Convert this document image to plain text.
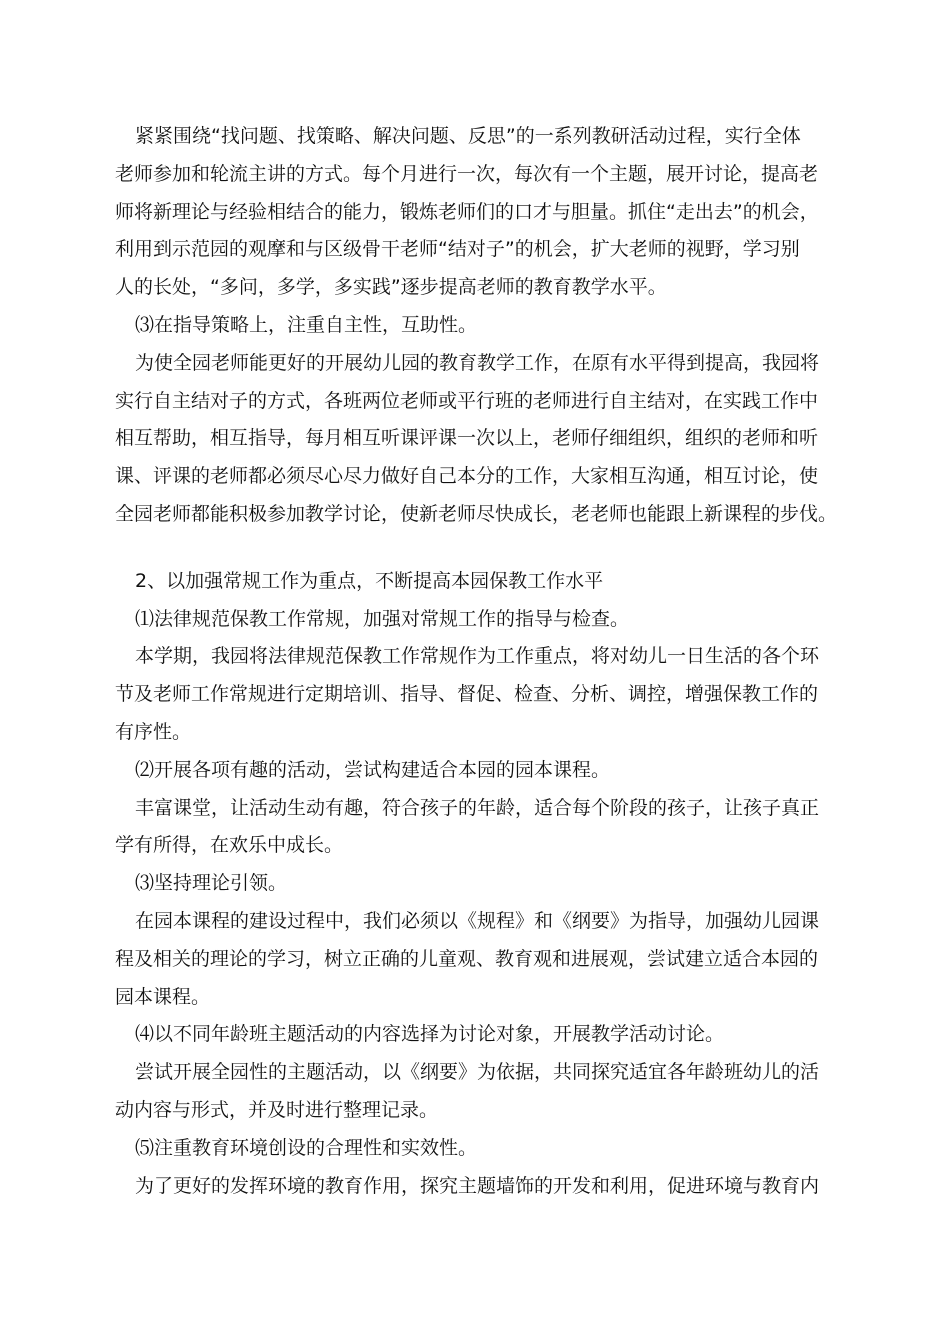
紧紧围绕“找问题、找策略、解决问题、反思”的一系列教研活动过程，实行全体
老师参加和轮流主讲的方式。每个月进行一次，每次有一个主题，展开讨论，提高老
师将新理论与经验相结合的能力，锻炼老师们的口才与胆量。抓住“走出去”的机会，
利用到示范园的观摩和与区级骨干老师“结对子”的机会，扩大老师的视野，学习别
人的长处，“多问，多学，多实践”逐步提高老师的教育教学水平。
⑶在指导策略上，注重自主性，互助性。
为使全园老师能更好的开展幼儿园的教育教学工作，在原有水平得到提高，我园将
实行自主结对子的方式，各班两位老师或平行班的老师进行自主结对，在实践工作中
相互帮助，相互指导，每月相互听课评课一次以上，老师仔细组织，组织的老师和听
课、评课的老师都必须尽心尽力做好自己本分的工作，大家相互沟通，相互讨论，使
全园老师都能积极参加教学讨论，使新老师尽快成长，老老师也能跟上新课程的步伐。
2、以加强常规工作为重点，不断提高本园保教工作水平
⑴法律规范保教工作常规，加强对常规工作的指导与检查。
本学期，我园将法律规范保教工作常规作为工作重点，将对幼儿一日生活的各个环
节及老师工作常规进行定期培训、指导、督促、检查、分析、调控，增强保教工作的
有序性。
⑵开展各项有趣的活动，尝试构建适合本园的园本课程。
丰富课堂，让活动生动有趣，符合孩子的年龄，适合每个阶段的孩子，让孩子真正
学有所得，在欢乐中成长。
⑶坚持理论引领。
在园本课程的建设过程中，我们必须以《规程》和《纲要》为指导，加强幼儿园课
程及相关的理论的学习，树立正确的儿童观、教育观和进展观，尝试建立适合本园的
园本课程。
⑷以不同年龄班主题活动的内容选择为讨论对象，开展教学活动讨论。
尝试开展全园性的主题活动，以《纲要》为依据，共同探究适宜各年龄班幼儿的活
动内容与形式，并及时进行整理记录。
⑸注重教育环境创设的合理性和实效性。
为了更好的发挥环境的教育作用，探究主题墙饰的开发和利用，促进环境与教育内
